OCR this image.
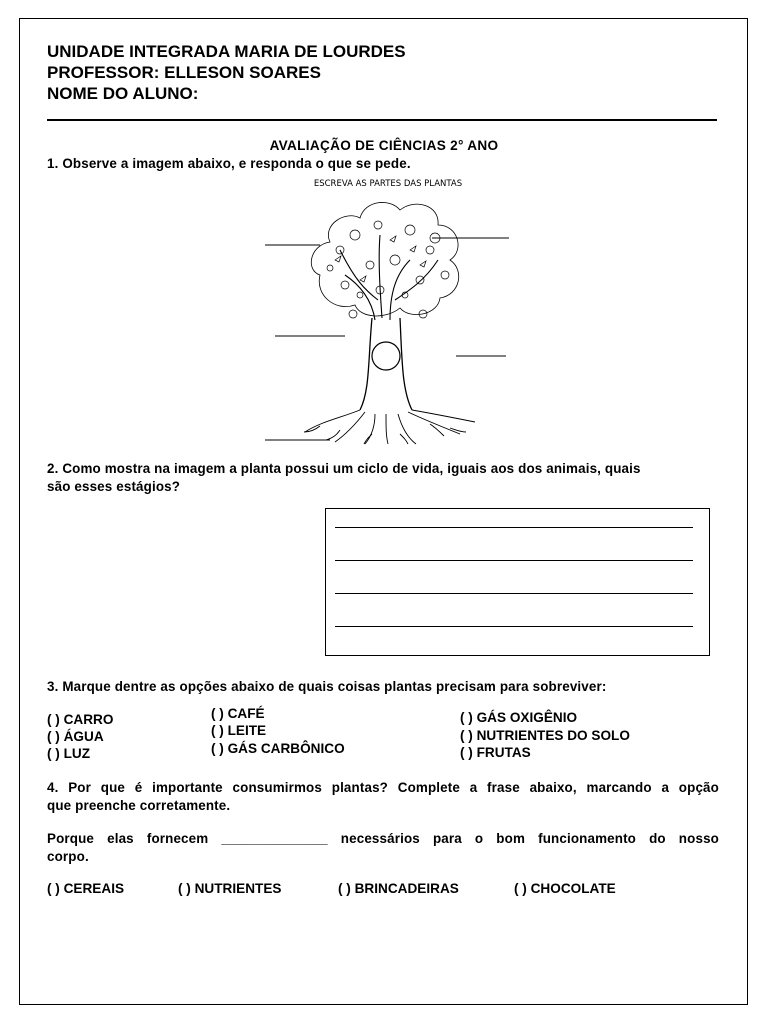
UNIDADE INTEGRADA MARIA DE LOURDES
PROFESSOR: ELLESON SOARES
NOME DO ALUNO:
AVALIAÇÃO DE CIÊNCIAS 2° ANO
1. Observe a imagem abaixo, e responda o que se pede.
ESCREVA AS PARTES DAS PLANTAS
2. Como mostra na imagem a planta possui um ciclo de vida, iguais aos dos animais, quais
são esses estágios?
3. Marque dentre as opções abaixo de quais coisas plantas precisam para sobreviver:
( ) CARRO
( ) ÁGUA
( ) LUZ
( ) CAFÉ
( ) LEITE
( ) GÁS CARBÔNICO
( ) GÁS OXIGÊNIO
( ) NUTRIENTES DO SOLO
( ) FRUTAS
4. Por que é importante consumirmos plantas? Complete a frase abaixo, marcando a opção
que preenche corretamente.
Porque elas fornecem ______________ necessários para o bom funcionamento do nosso
corpo.
( ) CEREAIS	( ) NUTRIENTES	( ) BRINCADEIRAS	( ) CHOCOLATE
